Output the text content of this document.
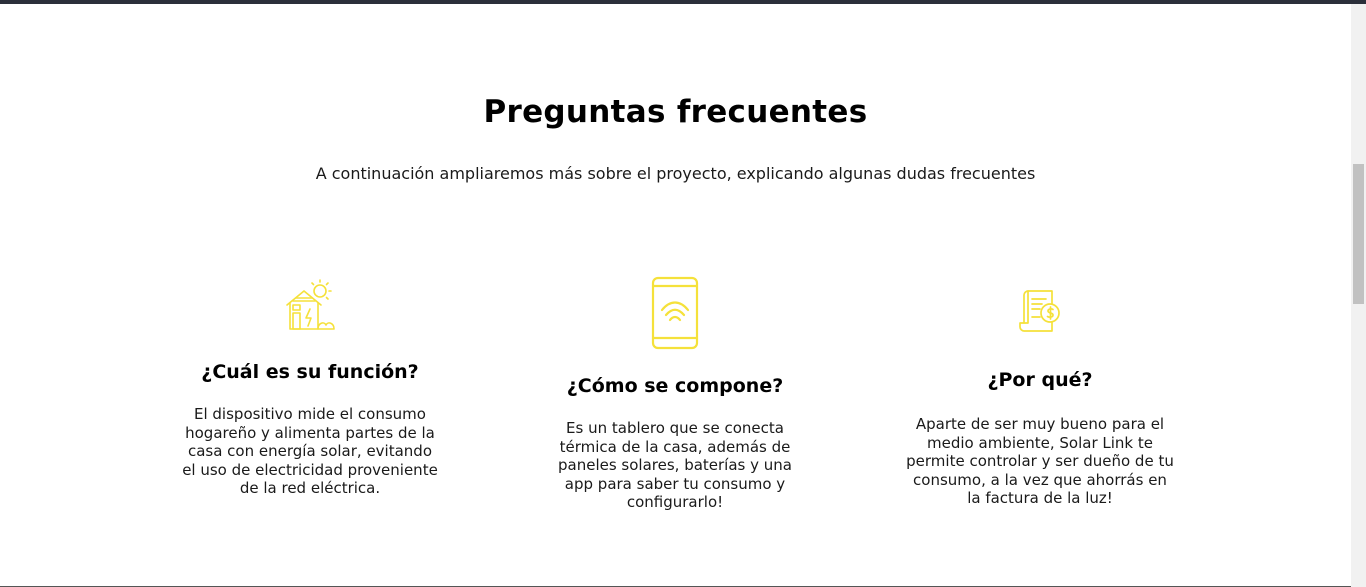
Preguntas frecuentes

A continuación ampliaremos más sobre el proyecto, explicando algunas dudas frecuentes

¿Cuál es su función?

El dispositivo mide el consumo hogareño y alimenta partes de la casa con energía solar, evitando el uso de electricidad proveniente de la red eléctrica.

¿Cómo se compone?

Es un tablero que se conecta térmica de la casa, además de paneles solares, baterías y una app para saber tu consumo y configurarlo!

¿Por qué?

Aparte de ser muy bueno para el medio ambiente, Solar Link te permite controlar y ser dueño de tu consumo, a la vez que ahorrás en la factura de la luz!
